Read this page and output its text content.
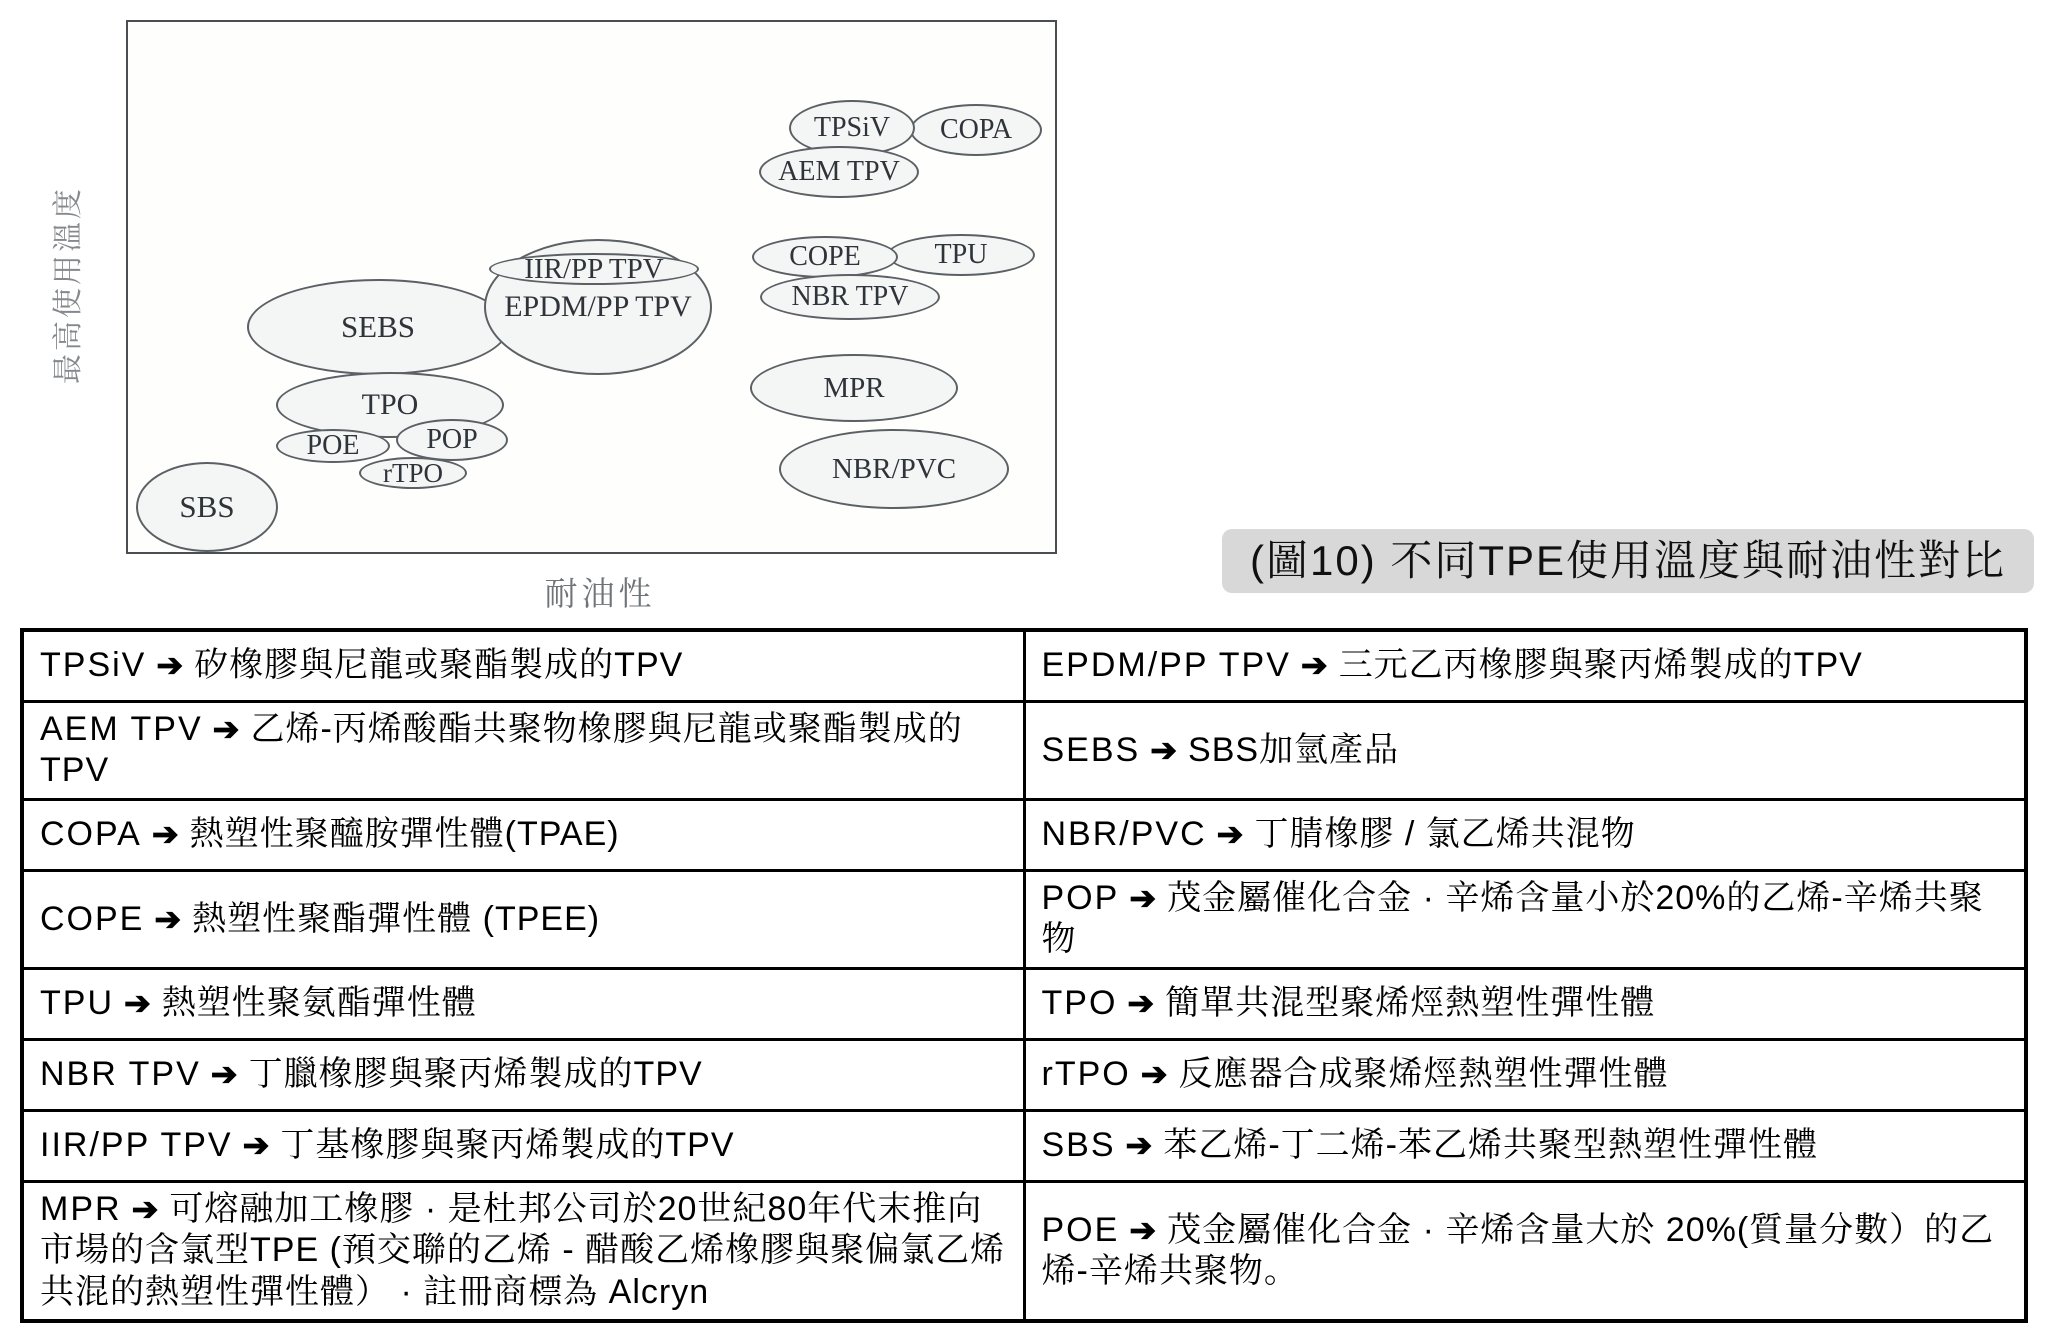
SEBS
EPDM/PP TPV
IIR/PP TPV
TPO
POE POP
rTPO
SBS
COPA
TPSiV
AEM TPV
TPU
COPE
NBR TPV
MPR
NBR/PVC
最高使用溫度
耐油性
(圖10) 不同TPE使用溫度與耐油性對比
TPSiV ➔ 矽橡膠與尼龍或聚酯製成的TPV	EPDM/PP TPV ➔ 三元乙丙橡膠與聚丙烯製成的TPV
AEM TPV ➔ 乙烯-丙烯酸酯共聚物橡膠與尼龍或聚酯製成的TPV	SEBS ➔ SBS加氫產品
COPA ➔ 熱塑性聚醯胺彈性體(TPAE)	NBR/PVC ➔ 丁腈橡膠 / 氯乙烯共混物
COPE ➔ 熱塑性聚酯彈性體 (TPEE)	POP ➔ 茂金屬催化合金 · 辛烯含量小於20%的乙烯-辛烯共聚物
TPU ➔ 熱塑性聚氨酯彈性體	TPO ➔ 簡單共混型聚烯烴熱塑性彈性體
NBR TPV ➔ 丁臘橡膠與聚丙烯製成的TPV	rTPO ➔ 反應器合成聚烯烴熱塑性彈性體
IIR/PP TPV ➔ 丁基橡膠與聚丙烯製成的TPV	SBS ➔ 苯乙烯-丁二烯-苯乙烯共聚型熱塑性彈性體
MPR ➔ 可熔融加工橡膠 · 是杜邦公司於20世紀80年代末推向市場的含氯型TPE (預交聯的乙烯 - 醋酸乙烯橡膠與聚偏氯乙烯共混的熱塑性彈性體） · 註冊商標為 Alcryn	POE ➔ 茂金屬催化合金 · 辛烯含量大於 20%(質量分數）的乙烯-辛烯共聚物。
